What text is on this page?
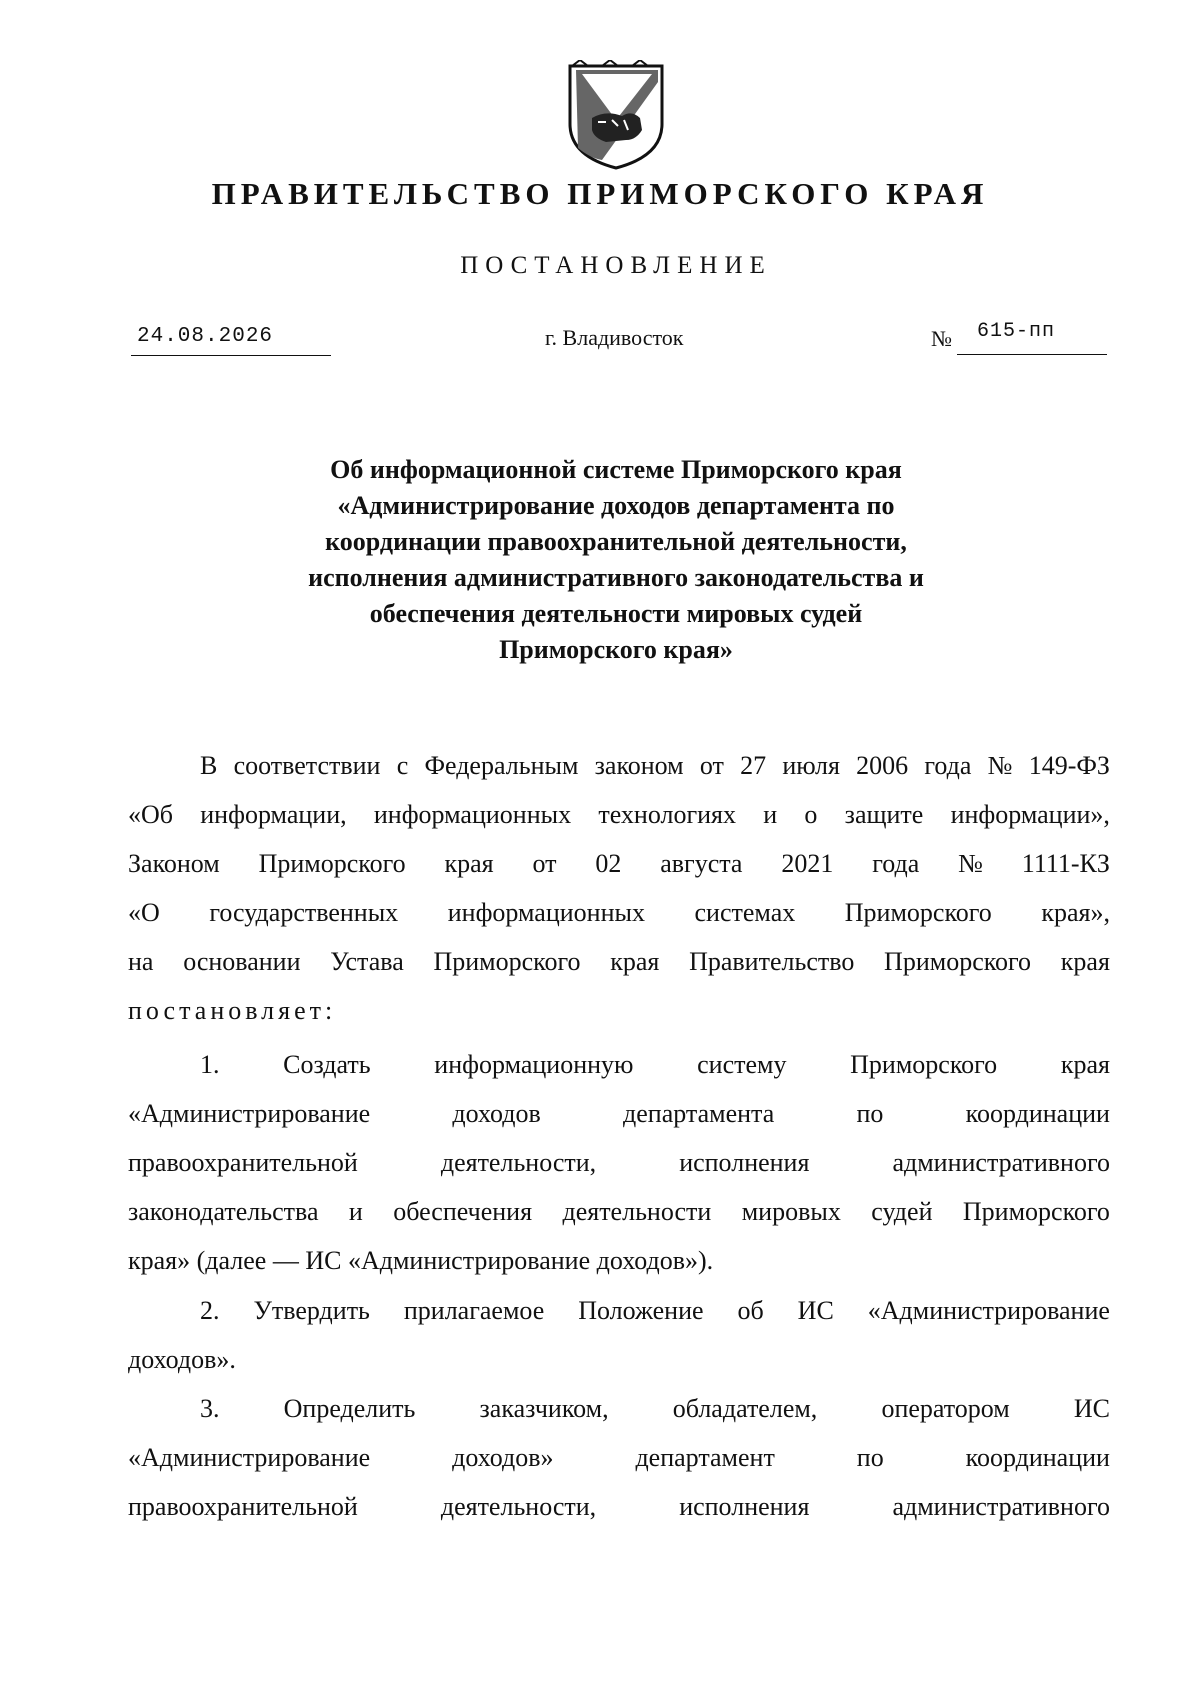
ПРАВИТЕЛЬСТВО ПРИМОРСКОГО КРАЯ
ПОСТАНОВЛЕНИЕ
24.08.2026	г. Владивосток	№ 615-пп
Об информационной системе Приморского края
«Администрирование доходов департамента по
координации правоохранительной деятельности,
исполнения административного законодательства и
обеспечения деятельности мировых судей
Приморского края»
В соответствии с Федеральным законом от 27 июля 2006 года № 149-ФЗ
«Об информации, информационных технологиях и о защите информации»,
Законом Приморского края от 02 августа 2021 года № 1111-КЗ
«О государственных информационных системах Приморского края»,
на основании Устава Приморского края Правительство Приморского края
постановляет:
1. Создать информационную систему Приморского края
«Администрирование	доходов	департамента	по	координации
правоохранительной	деятельности,	исполнения	административного
законодательства и обеспечения деятельности мировых судей Приморского
края» (далее — ИС «Администрирование доходов»).
2. Утвердить прилагаемое Положение об ИС «Администрирование
доходов».
3. Определить заказчиком, обладателем, оператором ИС
«Администрирование	доходов»	департамент	по	координации
правоохранительной	деятельности,	исполнения	административного
